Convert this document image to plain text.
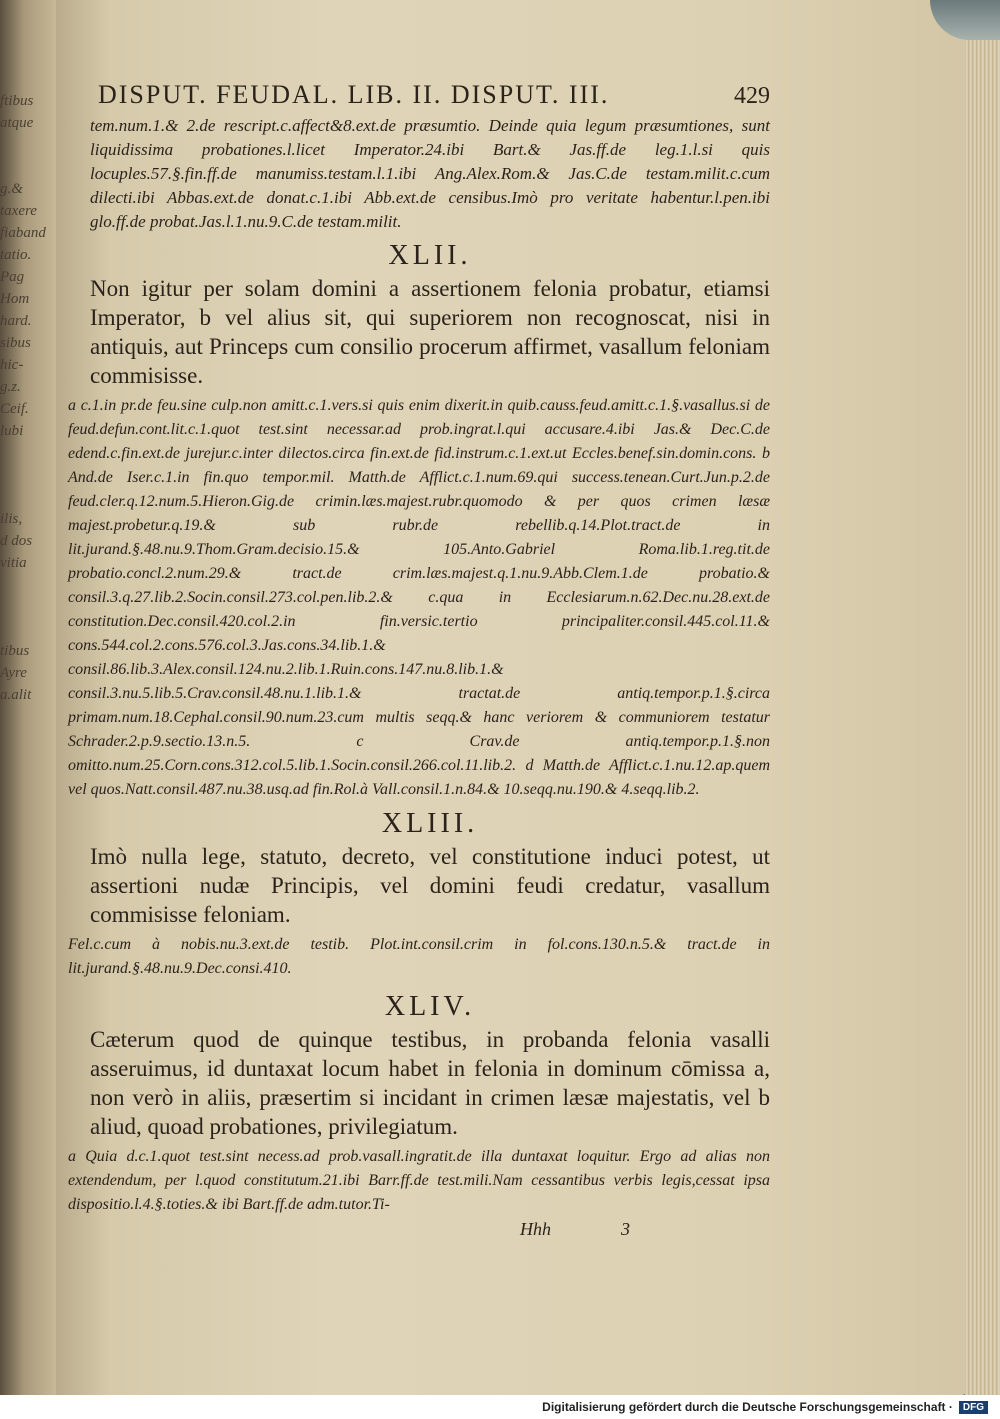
ftibus
atque

g.&
taxere
fiaband
tatio.
Pag
Hom
hard.
sibus
hic-
g.z.
Ceif.
lubi

ilis,
d dos
vitia

tibus
Ayre
a.alit

DISPUT. FEUDAL. LIB. II. DISPUT. III.	429

tem.num.1.& 2.de rescript.c.affect&8.ext.de præsumtio. Deinde quia legum præsumtiones, sunt liquidissima probationes.l.licet Imperator.24.ibi Bart.& Jas.ff.de leg.1.l.si quis locuples.57.§.fin.ff.de manumiss.testam.l.1.ibi Ang.Alex.Rom.& Jas.C.de testam.milit.c.cum dilecti.ibi Abbas.ext.de donat.c.1.ibi Abb.ext.de censibus.Imò pro veritate habentur.l.pen.ibi glo.ff.de probat.Jas.l.1.nu.9.C.de testam.milit.

XLII.

Non igitur per solam domini a assertionem felonia probatur, etiamsi Imperator, b vel alius sit, qui superiorem non recognoscat, nisi in antiquis, aut Princeps cum consilio procerum affirmet, vasallum feloniam commisisse.

a c.1.in pr.de feu.sine culp.non amitt.c.1.vers.si quis enim dixerit.in quib.causs.feud.amitt.c.1.§.vasallus.si de feud.defun.cont.lit.c.1.quot test.sint necessar.ad prob.ingrat.l.qui accusare.4.ibi Jas.& Dec.C.de edend.c.fin.ext.de jurejur.c.inter dilectos.circa fin.ext.de fid.instrum.c.1.ext.ut Eccles.benef.sin.domin.cons. b And.de Iser.c.1.in fin.quo tempor.mil. Matth.de Afflict.c.1.num.69.qui success.tenean.Curt.Jun.p.2.de feud.cler.q.12.num.5.Hieron.Gig.de crimin.læs.majest.rubr.quomodo & per quos crimen læsæ majest.probetur.q.19.& sub rubr.de rebellib.q.14.Plot.tract.de in lit.jurand.§.48.nu.9.Thom.Gram.decisio.15.& 105.Anto.Gabriel Roma.lib.1.reg.tit.de probatio.concl.2.num.29.& tract.de crim.læs.majest.q.1.nu.9.Abb.Clem.1.de probatio.& consil.3.q.27.lib.2.Socin.consil.273.col.pen.lib.2.& c.qua in Ecclesiarum.n.62.Dec.nu.28.ext.de constitution.Dec.consil.420.col.2.in fin.versic.tertio principaliter.consil.445.col.11.& cons.544.col.2.cons.576.col.3.Jas.cons.34.lib.1.& consil.86.lib.3.Alex.consil.124.nu.2.lib.1.Ruin.cons.147.nu.8.lib.1.& consil.3.nu.5.lib.5.Crav.consil.48.nu.1.lib.1.& tractat.de antiq.tempor.p.1.§.circa primam.num.18.Cephal.consil.90.num.23.cum multis seqq.& hanc veriorem & communiorem testatur Schrader.2.p.9.sectio.13.n.5. c Crav.de antiq.tempor.p.1.§.non omitto.num.25.Corn.cons.312.col.5.lib.1.Socin.consil.266.col.11.lib.2. d Matth.de Afflict.c.1.nu.12.ap.quem vel quos.Natt.consil.487.nu.38.usq.ad fin.Rol.à Vall.consil.1.n.84.& 10.seqq.nu.190.& 4.seqq.lib.2.

XLIII.

Imò nulla lege, statuto, decreto, vel constitutione induci potest, ut assertioni nudæ Principis, vel domini feudi credatur, vasallum commisisse feloniam.

Fel.c.cum à nobis.nu.3.ext.de testib. Plot.int.consil.crim in fol.cons.130.n.5.& tract.de in lit.jurand.§.48.nu.9.Dec.consi.410.

XLIV.

Cæterum quod de quinque testibus, in probanda felonia vasalli asseruimus, id duntaxat locum habet in felonia in dominum cōmissa a, non verò in aliis, præsertim si incidant in crimen læsæ majestatis, vel b aliud, quoad probationes, privilegiatum.

a Quia d.c.1.quot test.sint necess.ad prob.vasall.ingratit.de illa duntaxat loquitur. Ergo ad alias non extendendum, per l.quod constitutum.21.ibi Barr.ff.de test.mili.Nam cessantibus verbis legis,cessat ipsa dispositio.l.4.§.toties.& ibi Bart.ff.de adm.tutor.Ti-

Hhh	3
Digitalisierung gefördert durch die Deutsche Forschungsgemeinschaft ·	DFG
